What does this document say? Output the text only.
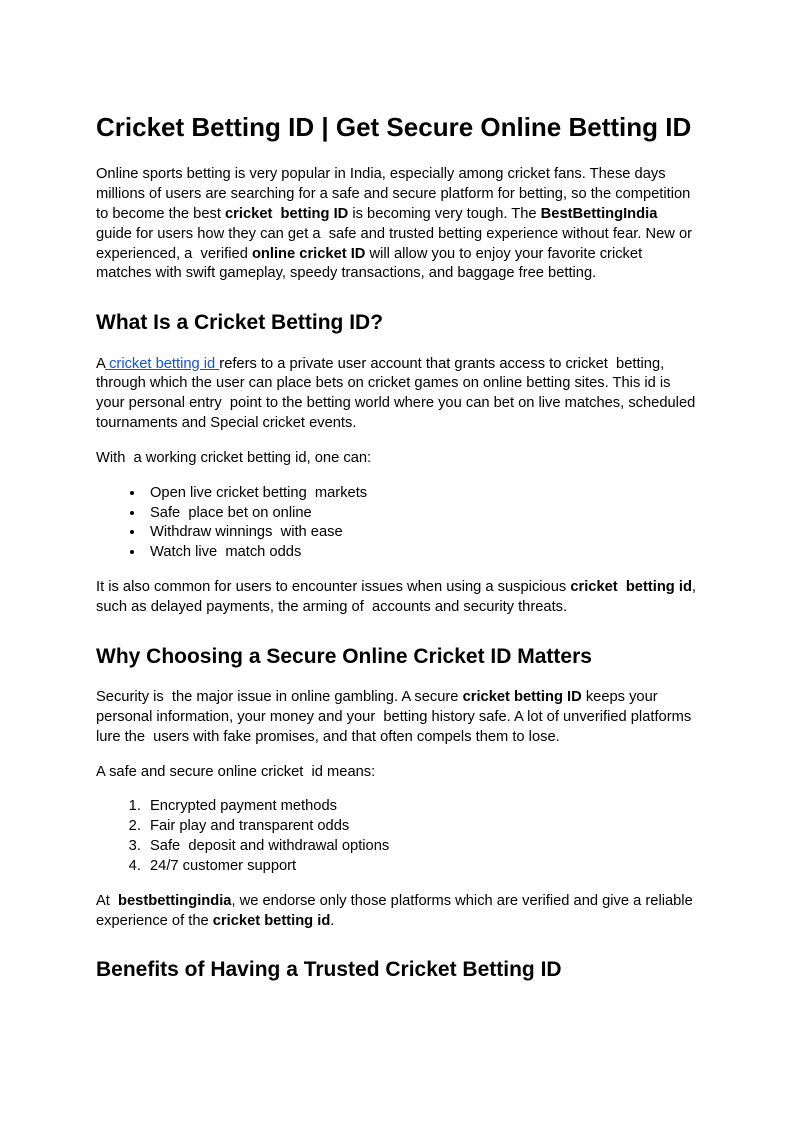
Cricket Betting ID | Get Secure Online Betting ID

Online sports betting is very popular in India, especially among cricket fans. These days millions of users are searching for a safe and secure platform for betting, so the competition to become the best cricket  betting ID is becoming very tough. The BestBettingIndia guide for users how they can get a  safe and trusted betting experience without fear. New or experienced, a  verified online cricket ID will allow you to enjoy your favorite cricket matches with swift gameplay, speedy transactions, and baggage free betting.

What Is a Cricket Betting ID?

A cricket betting id refers to a private user account that grants access to cricket  betting, through which the user can place bets on cricket games on online betting sites. This id is your personal entry  point to the betting world where you can bet on live matches, scheduled tournaments and Special cricket events.

With  a working cricket betting id, one can:

• Open live cricket betting  markets
• Safe  place bet on online
• Withdraw winnings  with ease
• Watch live  match odds

It is also common for users to encounter issues when using a suspicious cricket  betting id, such as delayed payments, the arming of  accounts and security threats.

Why Choosing a Secure Online Cricket ID Matters

Security is  the major issue in online gambling. A secure cricket betting ID keeps your personal information, your money and your  betting history safe. A lot of unverified platforms lure the  users with fake promises, and that often compels them to lose.

A safe and secure online cricket  id means:

1. Encrypted payment methods
2. Fair play and transparent odds
3. Safe  deposit and withdrawal options
4. 24/7 customer support

At  bestbettingindia, we endorse only those platforms which are verified and give a reliable experience of the cricket betting id.

Benefits of Having a Trusted Cricket Betting ID
